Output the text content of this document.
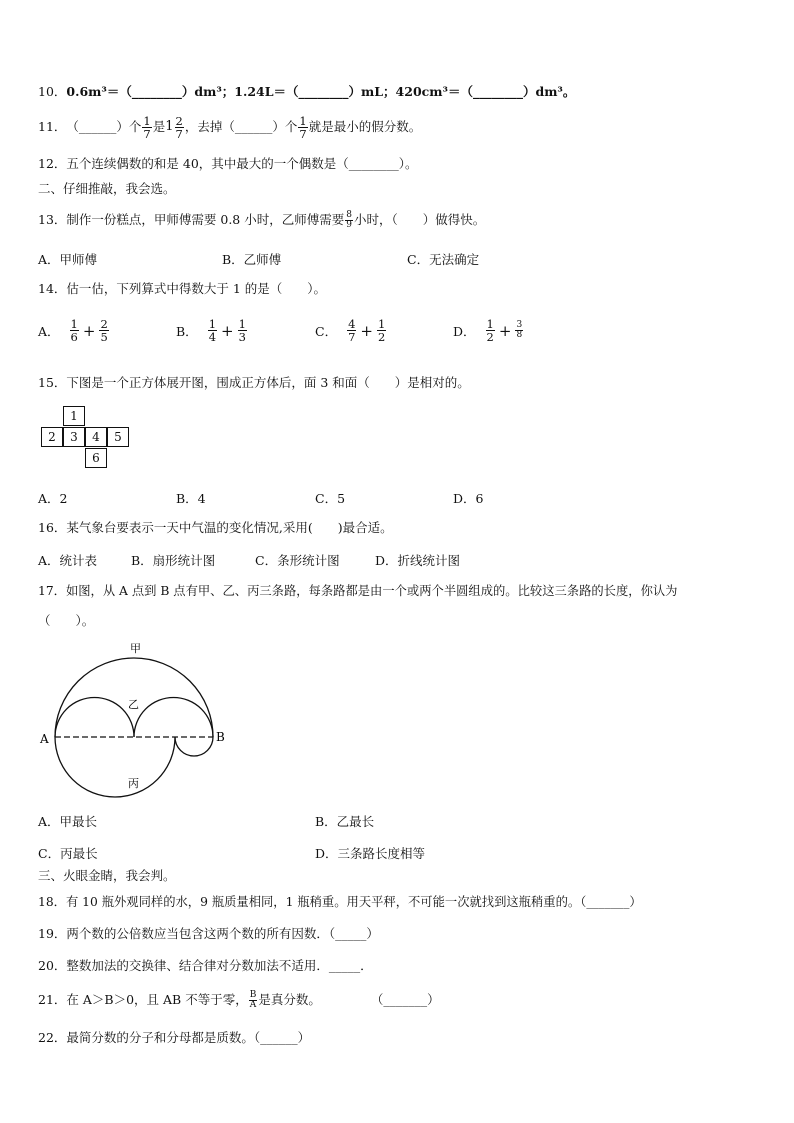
10．0.6m³＝（________）dm³；1.24L＝（________）mL；420cm³＝（________）dm³。
11． （______）个 $\frac{1}{7}$ 是 $1 \frac{2}{7}$ ，去掉（______）个 $\frac{1}{7}$ 就是最小的假分数。
12．五个连续偶数的和是 40，其中最大的一个偶数是（________）。
二、仔细推敲，我会选。
13． 制作一份糕点，甲师傅需要 0.8 小时，乙师傅需要 $\frac{8}{9}$ 小时，（　　）做得快。
A．甲师傅	B．乙师傅	C．无法确定
14．估一估，下列算式中得数大于 1 的是（　　）。
A． $\frac{1}{6} + \frac{2}{5}$	B． $\frac{1}{4} + \frac{1}{3}$	C． $\frac{4}{7} + \frac{1}{2}$	D． $\frac{1}{2} + \frac{3}{8}$
15．下图是一个正方体展开图，围成正方体后，面 3 和面（　　）是相对的。
1
2	3	4	5
6
A．2	B．4	C．5	D．6
16．某气象台要表示一天中气温的变化情况,采用(　　)最合适。
A．统计表	B．扇形统计图	C．条形统计图	D．折线统计图
17．如图，从 A 点到 B 点有甲、乙、丙三条路，每条路都是由一个或两个半圆组成的。比较这三条路的长度，你认为
（　　）。
甲
乙
丙
A	B
A．甲最长	B．乙最长
C．丙最长	D．三条路长度相等
三、火眼金睛，我会判。
18．有 10 瓶外观同样的水，9 瓶质量相同，1 瓶稍重。用天平秤，不可能一次就找到这瓶稍重的。（_______）
19．两个数的公倍数应当包含这两个数的所有因数．（_____）
20．整数加法的交换律、结合律对分数加法不适用．_____．
21． 在 A＞B＞0，且 AB 不等于零， $\frac{B}{A}$ 是真分数。	（_______）
22．最简分数的分子和分母都是质数。（______）
